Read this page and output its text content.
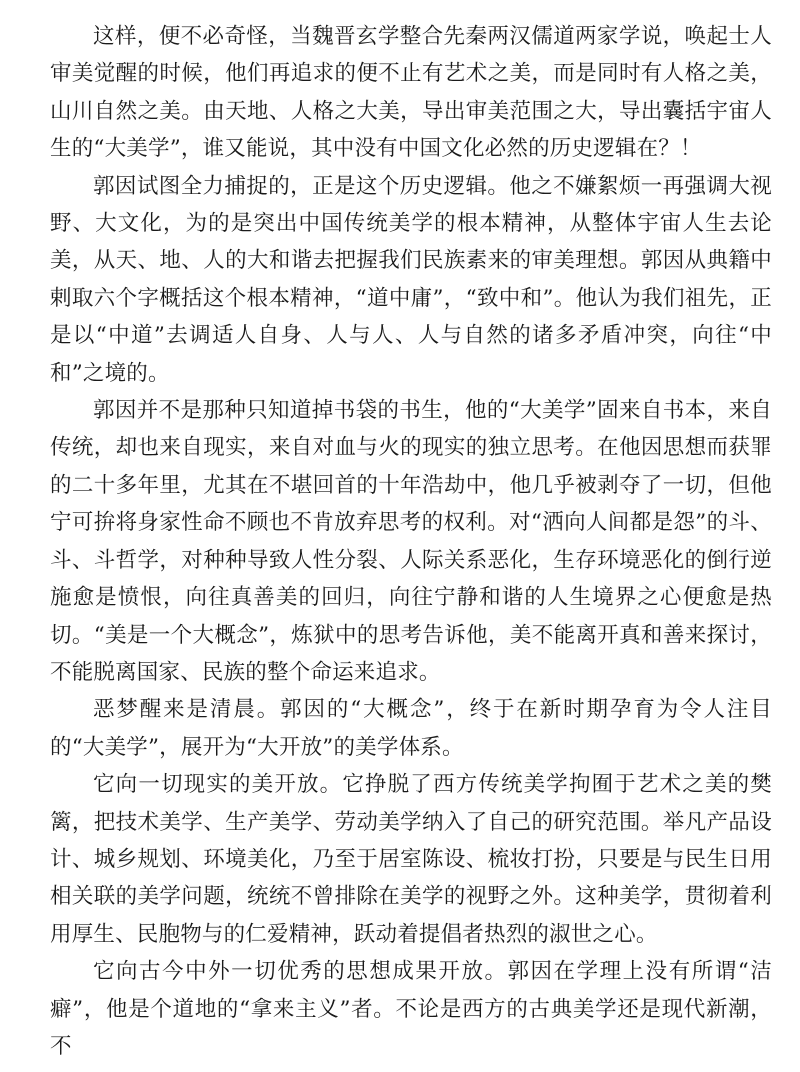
这样，便不必奇怪，当魏晋玄学整合先秦两汉儒道两家学说，唤起士人审美觉醒的时候，他们再追求的便不止有艺术之美，而是同时有人格之美，山川自然之美。由天地、人格之大美，导出审美范围之大，导出囊括宇宙人生的“大美学”，谁又能说，其中没有中国文化必然的历史逻辑在？！

郭因试图全力捕捉的，正是这个历史逻辑。他之不嫌絮烦一再强调大视野、大文化，为的是突出中国传统美学的根本精神，从整体宇宙人生去论美，从天、地、人的大和谐去把握我们民族素来的审美理想。郭因从典籍中剌取六个字概括这个根本精神，“道中庸”，“致中和”。他认为我们祖先，正是以“中道”去调适人自身、人与人、人与自然的诸多矛盾冲突，向往“中和”之境的。

郭因并不是那种只知道掉书袋的书生，他的“大美学”固来自书本，来自传统，却也来自现实，来自对血与火的现实的独立思考。在他因思想而获罪的二十多年里，尤其在不堪回首的十年浩劫中，他几乎被剥夺了一切，但他宁可拚将身家性命不顾也不肯放弃思考的权利。对“洒向人间都是怨”的斗、斗、斗哲学，对种种导致人性分裂、人际关系恶化，生存环境恶化的倒行逆施愈是愤恨，向往真善美的回归，向往宁静和谐的人生境界之心便愈是热切。“美是一个大概念”，炼狱中的思考告诉他，美不能离开真和善来探讨，不能脱离国家、民族的整个命运来追求。

恶梦醒来是清晨。郭因的“大概念”，终于在新时期孕育为令人注目的“大美学”，展开为“大开放”的美学体系。

它向一切现实的美开放。它挣脱了西方传统美学拘囿于艺术之美的樊篱，把技术美学、生产美学、劳动美学纳入了自己的研究范围。举凡产品设计、城乡规划、环境美化，乃至于居室陈设、梳妆打扮，只要是与民生日用相关联的美学问题，统统不曾排除在美学的视野之外。这种美学，贯彻着利用厚生、民胞物与的仁爱精神，跃动着提倡者热烈的淑世之心。

它向古今中外一切优秀的思想成果开放。郭因在学理上没有所谓“洁癖”，他是个道地的“拿来主义”者。不论是西方的古典美学还是现代新潮，不
